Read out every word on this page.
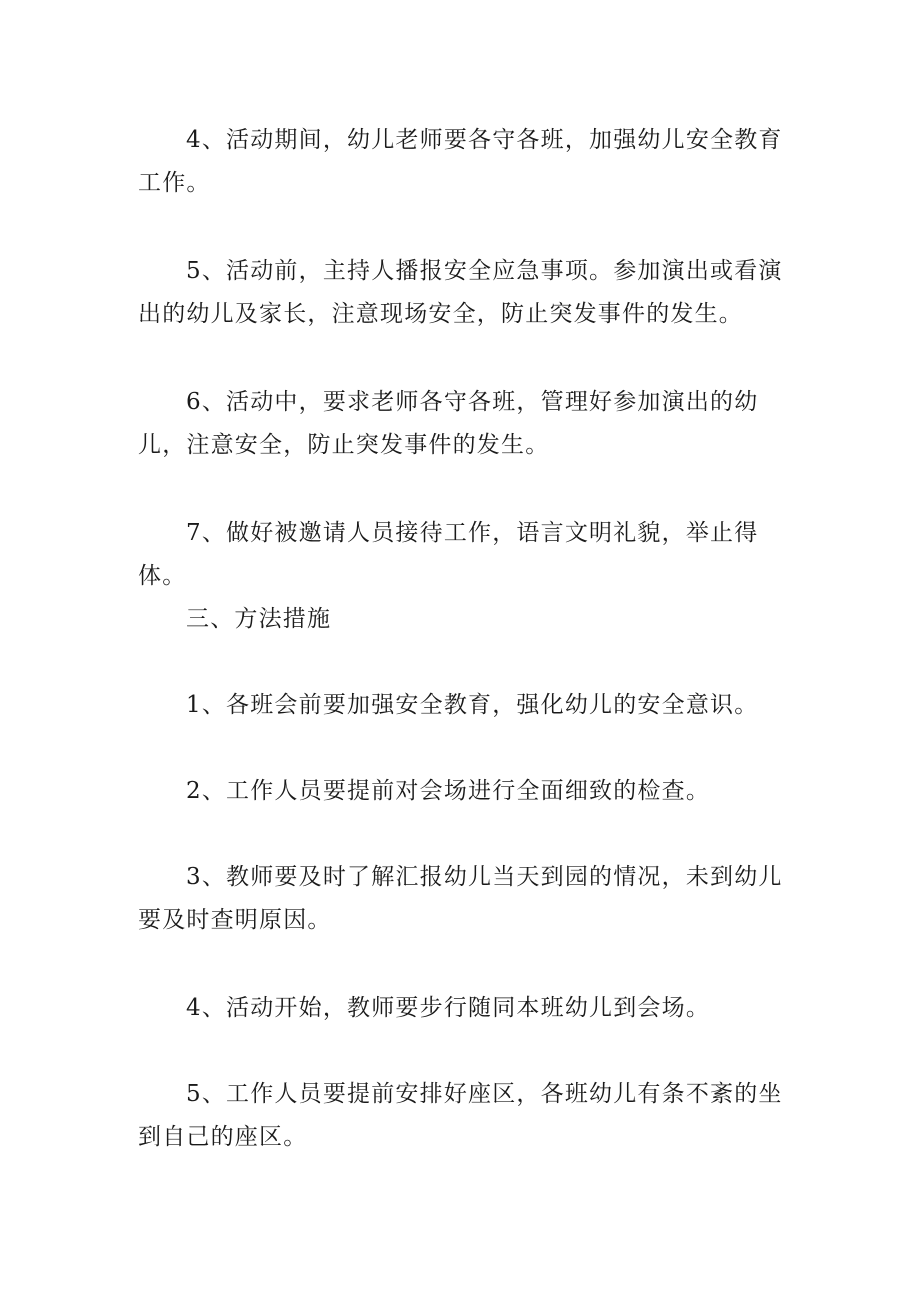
4、活动期间，幼儿老师要各守各班，加强幼儿安全教育工作。

5、活动前，主持人播报安全应急事项。参加演出或看演出的幼儿及家长，注意现场安全，防止突发事件的发生。

6、活动中，要求老师各守各班，管理好参加演出的幼儿，注意安全，防止突发事件的发生。

7、做好被邀请人员接待工作，语言文明礼貌，举止得体。

三、方法措施

1、各班会前要加强安全教育，强化幼儿的安全意识。

2、工作人员要提前对会场进行全面细致的检查。

3、教师要及时了解汇报幼儿当天到园的情况，未到幼儿要及时查明原因。

4、活动开始，教师要步行随同本班幼儿到会场。

5、工作人员要提前安排好座区，各班幼儿有条不紊的坐到自己的座区。
